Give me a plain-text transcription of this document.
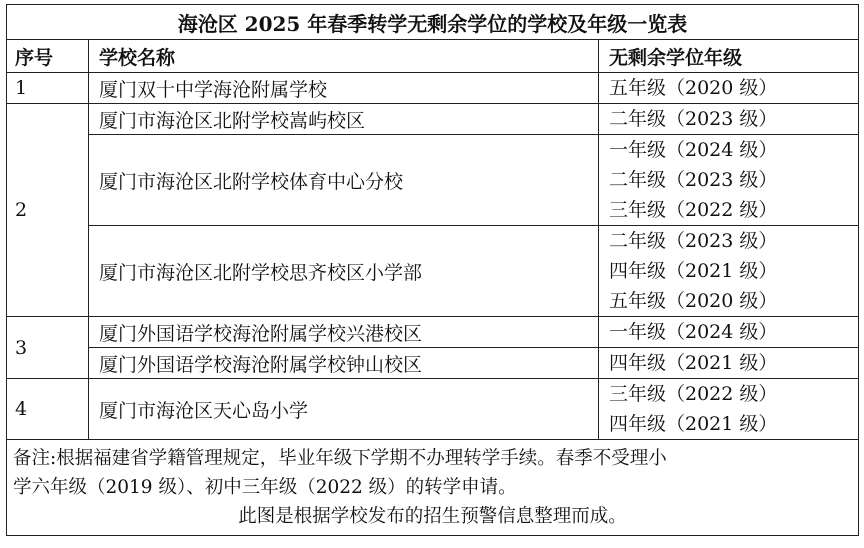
海沧区 2025 年春季转学无剩余学位的学校及年级一览表		
序号	学校名称	无剩余学位年级
1	厦门双十中学海沧附属学校	五年级（2020 级）

2	厦门市海沧区北附学校嵩屿校区	二年级（2023 级）

	厦门市海沧区北附学校体育中心分校	一年级（2024 级）
二年级（2023 级）
三年级（2022 级）

	厦门市海沧区北附学校思齐校区小学部	二年级（2023 级）
四年级（2021 级）
五年级（2020 级）

3	厦门外国语学校海沧附属学校兴港校区	一年级（2024 级）

	厦门外国语学校海沧附属学校钟山校区	四年级（2021 级）

4	厦门市海沧区天心岛小学	三年级（2022 级）
四年级（2021 级）

备注:根据福建省学籍管理规定，毕业年级下学期不办理转学手续。春季不受理小
学六年级（2019 级）、初中三年级（2022 级）的转学申请。
此图是根据学校发布的招生预警信息整理而成。		
